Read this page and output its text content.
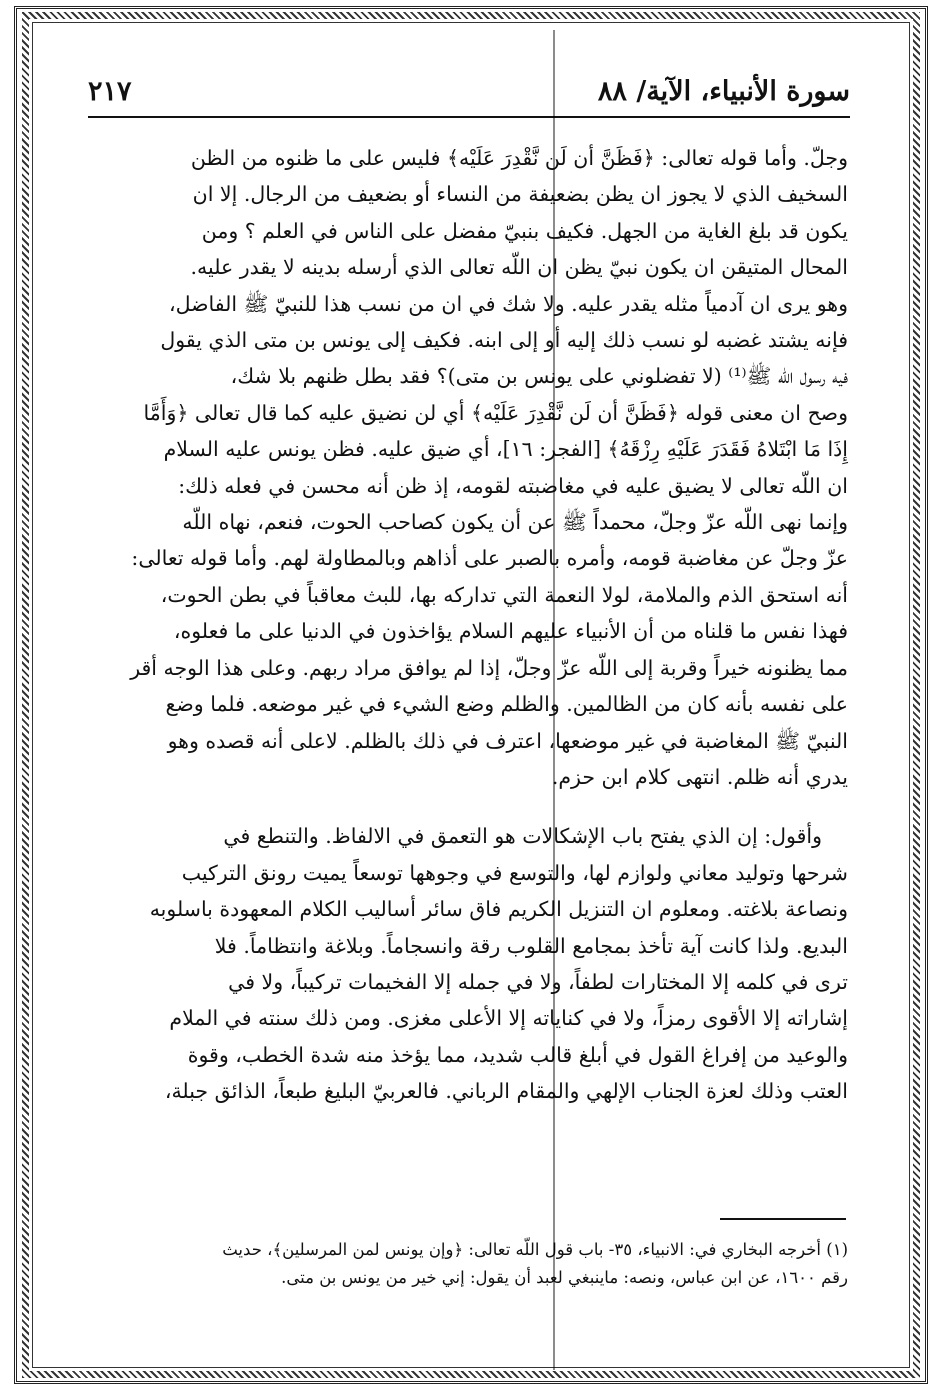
سورة الأنبياء، الآية/ ٨٨
٢١٧
وجلّ. وأما قوله تعالى: ﴿فَظَنَّ أن لَن نَّقْدِرَ عَلَيْه﴾ فليس على ما ظنوه من الظن
السخيف الذي لا يجوز ان يظن بضعيفة من النساء أو بضعيف من الرجال. إلا ان
يكون قد بلغ الغاية من الجهل. فكيف بنبيّ مفضل على الناس في العلم ؟ ومن
المحال المتيقن ان يكون نبيّ يظن ان اللّه تعالى الذي أرسله بدينه لا يقدر عليه.
وهو يرى ان آدمياً مثله يقدر عليه. ولا شك في ان من نسب هذا للنبيّ ﷺ الفاضل،
فإنه يشتد غضبه لو نسب ذلك إليه أو إلى ابنه. فكيف إلى يونس بن متى الذي يقول
فيه رسول اللّه ﷺ⁽¹⁾ (لا تفضلوني على يونس بن متى)؟ فقد بطل ظنهم بلا شك،
وصح ان معنى قوله ﴿فَظَنَّ أن لَن نَّقْدِرَ عَلَيْه﴾ أي لن نضيق عليه كما قال تعالى ﴿وَأَمَّا
إِذَا مَا ابْتَلاهُ فَقَدَرَ عَلَيْهِ رِزْقَهُ﴾ [الفجر: ١٦]، أي ضيق عليه. فظن يونس عليه السلام
ان اللّه تعالى لا يضيق عليه في مغاضبته لقومه، إذ ظن أنه محسن في فعله ذلك:
وإنما نهى اللّه عزّ وجلّ، محمداً ﷺ عن أن يكون كصاحب الحوت، فنعم، نهاه اللّه
عزّ وجلّ عن مغاضبة قومه، وأمره بالصبر على أذاهم وبالمطاولة لهم. وأما قوله تعالى:
أنه استحق الذم والملامة، لولا النعمة التي تداركه بها، للبث معاقباً في بطن الحوت،
فهذا نفس ما قلناه من أن الأنبياء عليهم السلام يؤاخذون في الدنيا على ما فعلوه،
مما يظنونه خيراً وقربة إلى اللّه عزّ وجلّ، إذا لم يوافق مراد ربهم. وعلى هذا الوجه أقر
على نفسه بأنه كان من الظالمين. والظلم وضع الشيء في غير موضعه. فلما وضع
النبيّ ﷺ المغاضبة في غير موضعها، اعترف في ذلك بالظلم. لاعلى أنه قصده وهو
يدري أنه ظلم. انتهى كلام ابن حزم.
وأقول: إن الذي يفتح باب الإشكالات هو التعمق في الالفاظ. والتنطع في
شرحها وتوليد معاني ولوازم لها، والتوسع في وجوهها توسعاً يميت رونق التركيب
ونصاعة بلاغته. ومعلوم ان التنزيل الكريم فاق سائر أساليب الكلام المعهودة باسلوبه
البديع. ولذا كانت آية تأخذ بمجامع القلوب رقة وانسجاماً. وبلاغة وانتظاماً. فلا
ترى في كلمه إلا المختارات لطفاً، ولا في جمله إلا الفخيمات تركيباً، ولا في
إشاراته إلا الأقوى رمزاً، ولا في كناياته إلا الأعلى مغزى. ومن ذلك سنته في الملام
والوعيد من إفراغ القول في أبلغ قالب شديد، مما يؤخذ منه شدة الخطب، وقوة
العتب وذلك لعزة الجناب الإلهي والمقام الرباني. فالعربيّ البليغ طبعاً، الذائق جبلة،
(١) أخرجه البخاري في: الانبياء، ٣٥- باب قول اللّه تعالى: ﴿وإن يونس لمن المرسلين﴾، حديث
رقم ١٦٠٠، عن ابن عباس، ونصه: ماينبغي لعبد أن يقول: إني خير من يونس بن متى.
